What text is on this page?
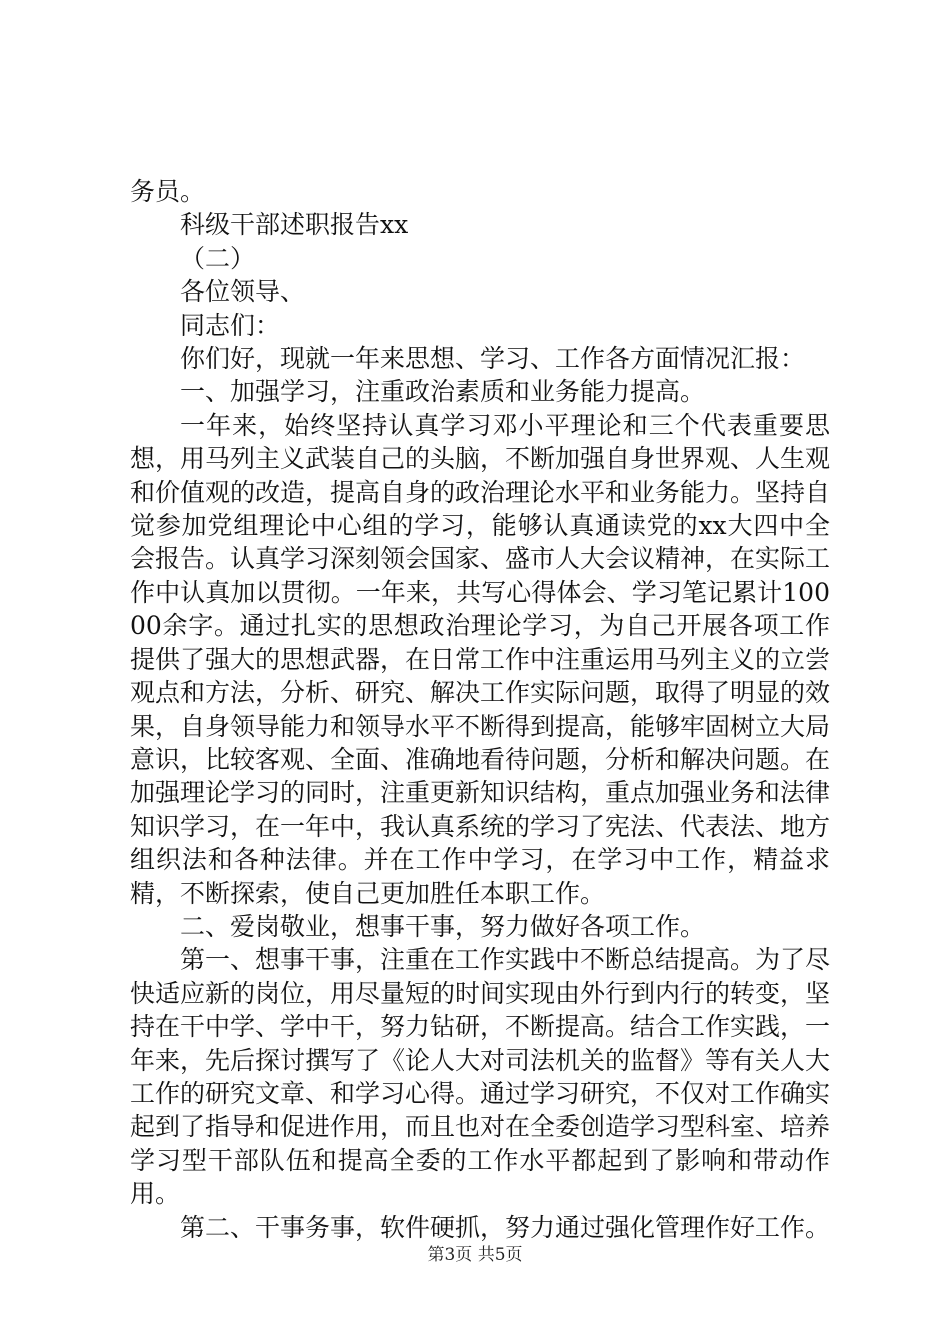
务员。

科级干部述职报告xx

（二）

各位领导、

同志们：

你们好，现就一年来思想、学习、工作各方面情况汇报：

一、加强学习，注重政治素质和业务能力提高。

一年来，始终坚持认真学习邓小平理论和三个代表重要思想，用马列主义武装自己的头脑，不断加强自身世界观、人生观和价值观的改造，提高自身的政治理论水平和业务能力。坚持自觉参加党组理论中心组的学习，能够认真通读党的xx大四中全会报告。认真学习深刻领会国家、盛市人大会议精神，在实际工作中认真加以贯彻。一年来，共写心得体会、学习笔记累计10000余字。通过扎实的思想政治理论学习，为自己开展各项工作提供了强大的思想武器，在日常工作中注重运用马列主义的立尝观点和方法，分析、研究、解决工作实际问题，取得了明显的效果，自身领导能力和领导水平不断得到提高，能够牢固树立大局意识，比较客观、全面、准确地看待问题，分析和解决问题。在加强理论学习的同时，注重更新知识结构，重点加强业务和法律知识学习，在一年中，我认真系统的学习了宪法、代表法、地方组织法和各种法律。并在工作中学习，在学习中工作，精益求精，不断探索，使自己更加胜任本职工作。

二、爱岗敬业，想事干事，努力做好各项工作。

第一、想事干事，注重在工作实践中不断总结提高。为了尽快适应新的岗位，用尽量短的时间实现由外行到内行的转变，坚持在干中学、学中干，努力钻研，不断提高。结合工作实践，一年来，先后探讨撰写了《论人大对司法机关的监督》等有关人大工作的研究文章、和学习心得。通过学习研究，不仅对工作确实起到了指导和促进作用，而且也对在全委创造学习型科室、培养学习型干部队伍和提高全委的工作水平都起到了影响和带动作用。

第二、干事务事，软件硬抓，努力通过强化管理作好工作。

第3页 共5页
